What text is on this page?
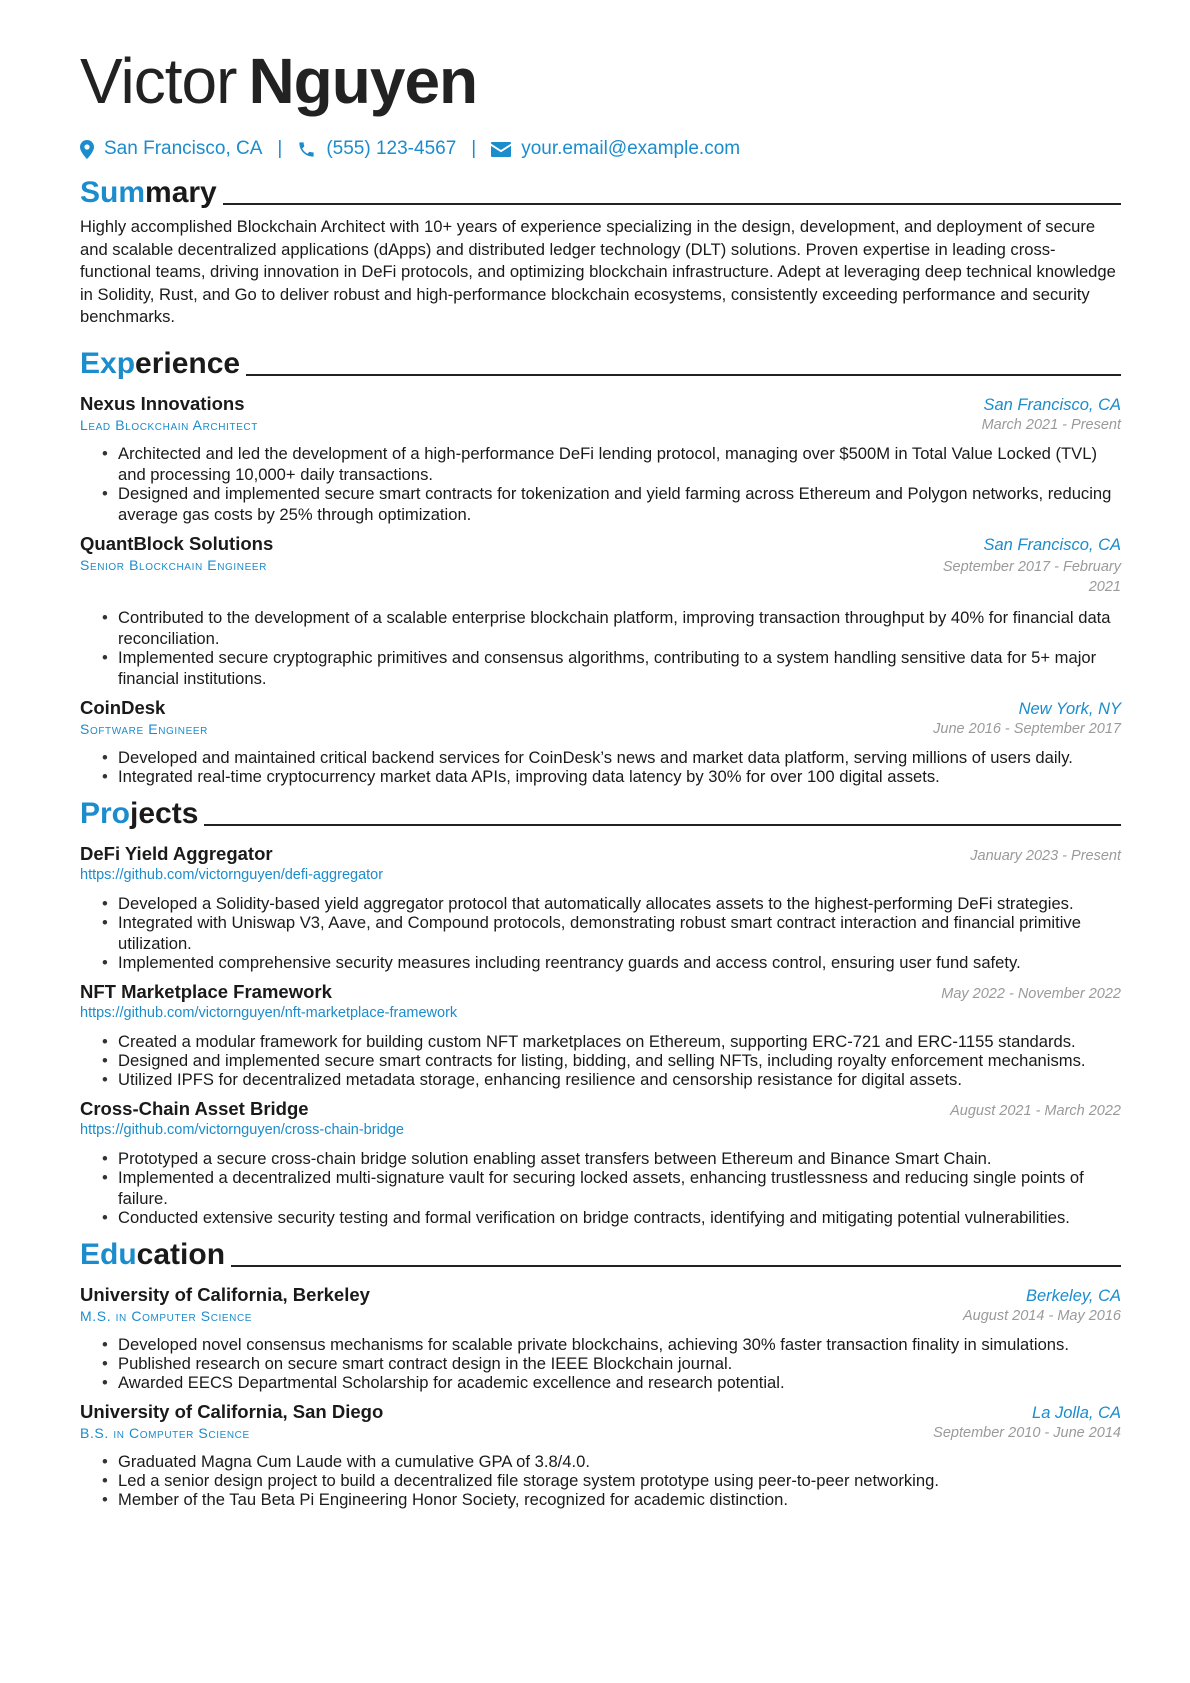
Victor Nguyen
San Francisco, CA | (555) 123-4567 | your.email@example.com
Summary
Highly accomplished Blockchain Architect with 10+ years of experience specializing in the design, development, and deployment of secure and scalable decentralized applications (dApps) and distributed ledger technology (DLT) solutions. Proven expertise in leading cross-functional teams, driving innovation in DeFi protocols, and optimizing blockchain infrastructure. Adept at leveraging deep technical knowledge in Solidity, Rust, and Go to deliver robust and high-performance blockchain ecosystems, consistently exceeding performance and security benchmarks.
Experience
Nexus Innovations	San Francisco, CA
Lead Blockchain Architect	March 2021 - Present
• Architected and led the development of a high-performance DeFi lending protocol, managing over $500M in Total Value Locked (TVL) and processing 10,000+ daily transactions.
• Designed and implemented secure smart contracts for tokenization and yield farming across Ethereum and Polygon networks, reducing average gas costs by 25% through optimization.
QuantBlock Solutions	San Francisco, CA
Senior Blockchain Engineer	September 2017 - February 2021
• Contributed to the development of a scalable enterprise blockchain platform, improving transaction throughput by 40% for financial data reconciliation.
• Implemented secure cryptographic primitives and consensus algorithms, contributing to a system handling sensitive data for 5+ major financial institutions.
CoinDesk	New York, NY
Software Engineer	June 2016 - September 2017
• Developed and maintained critical backend services for CoinDesk’s news and market data platform, serving millions of users daily.
• Integrated real-time cryptocurrency market data APIs, improving data latency by 30% for over 100 digital assets.
Projects
DeFi Yield Aggregator	January 2023 - Present
https://github.com/victornguyen/defi-aggregator
• Developed a Solidity-based yield aggregator protocol that automatically allocates assets to the highest-performing DeFi strategies.
• Integrated with Uniswap V3, Aave, and Compound protocols, demonstrating robust smart contract interaction and financial primitive utilization.
• Implemented comprehensive security measures including reentrancy guards and access control, ensuring user fund safety.
NFT Marketplace Framework	May 2022 - November 2022
https://github.com/victornguyen/nft-marketplace-framework
• Created a modular framework for building custom NFT marketplaces on Ethereum, supporting ERC-721 and ERC-1155 standards.
• Designed and implemented secure smart contracts for listing, bidding, and selling NFTs, including royalty enforcement mechanisms.
• Utilized IPFS for decentralized metadata storage, enhancing resilience and censorship resistance for digital assets.
Cross-Chain Asset Bridge	August 2021 - March 2022
https://github.com/victornguyen/cross-chain-bridge
• Prototyped a secure cross-chain bridge solution enabling asset transfers between Ethereum and Binance Smart Chain.
• Implemented a decentralized multi-signature vault for securing locked assets, enhancing trustlessness and reducing single points of failure.
• Conducted extensive security testing and formal verification on bridge contracts, identifying and mitigating potential vulnerabilities.
Education
University of California, Berkeley	Berkeley, CA
M.S. in Computer Science	August 2014 - May 2016
• Developed novel consensus mechanisms for scalable private blockchains, achieving 30% faster transaction finality in simulations.
• Published research on secure smart contract design in the IEEE Blockchain journal.
• Awarded EECS Departmental Scholarship for academic excellence and research potential.
University of California, San Diego	La Jolla, CA
B.S. in Computer Science	September 2010 - June 2014
• Graduated Magna Cum Laude with a cumulative GPA of 3.8/4.0.
• Led a senior design project to build a decentralized file storage system prototype using peer-to-peer networking.
• Member of the Tau Beta Pi Engineering Honor Society, recognized for academic distinction.
